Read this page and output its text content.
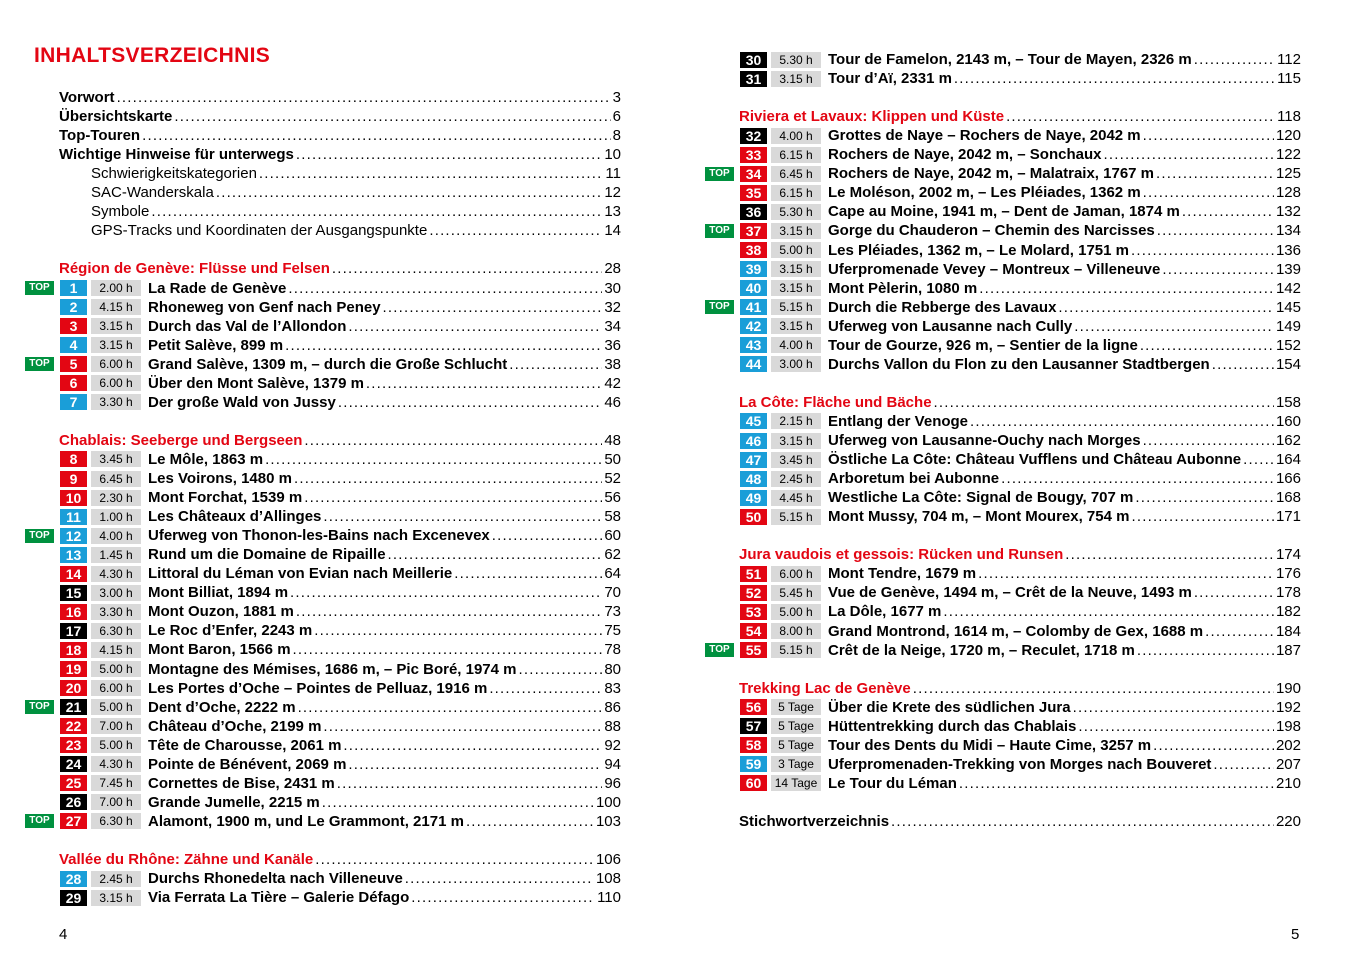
INHALTSVERZEICHNIS
Vorwort .....	3
Übersichtskarte .....	6
Top-Touren .....	8
Wichtige Hinweise für unterwegs .....	10
Schwierigkeitskategorien .....	11
SAC-Wanderskala .....	12
Symbole .....	13
GPS-Tracks und Koordinaten der Ausgangspunkte .....	14
Région de Genève: Flüsse und Felsen .....	28
TOP	1	2.00 h	La Rade de Genève .....	30
2	4.15 h	Rhoneweg von Genf nach Peney .....	32
3	3.15 h	Durch das Val de l’Allondon .....	34
4	3.15 h	Petit Salève, 899 m .....	36
TOP	5	6.00 h	Grand Salève, 1309 m, – durch die Große Schlucht .....	38
6	6.00 h	Über den Mont Salève, 1379 m .....	42
7	3.30 h	Der große Wald von Jussy .....	46
Chablais: Seeberge und Bergseen .....	48
8	3.45 h	Le Môle, 1863 m .....	50
9	6.45 h	Les Voirons, 1480 m .....	52
10	2.30 h	Mont Forchat, 1539 m .....	56
11	1.00 h	Les Châteaux d’Allinges .....	58
TOP	12	4.00 h	Uferweg von Thonon-les-Bains nach Excenevex .....	60
13	1.45 h	Rund um die Domaine de Ripaille .....	62
14	4.30 h	Littoral du Léman von Evian nach Meillerie .....	64
15	3.00 h	Mont Billiat, 1894 m .....	70
16	3.30 h	Mont Ouzon, 1881 m .....	73
17	6.30 h	Le Roc d’Enfer, 2243 m .....	75
18	4.15 h	Mont Baron, 1566 m .....	78
19	5.00 h	Montagne des Mémises, 1686 m, – Pic Boré, 1974 m .....	80
20	6.00 h	Les Portes d’Oche – Pointes de Pelluaz, 1916 m .....	83
TOP	21	5.00 h	Dent d’Oche, 2222 m .....	86
22	7.00 h	Château d’Oche, 2199 m .....	88
23	5.00 h	Tête de Charousse, 2061 m .....	92
24	4.30 h	Pointe de Bénévent, 2069 m .....	94
25	7.45 h	Cornettes de Bise, 2431 m .....	96
26	7.00 h	Grande Jumelle, 2215 m .....	100
TOP	27	6.30 h	Alamont, 1900 m, und Le Grammont, 2171 m .....	103
Vallée du Rhône: Zähne und Kanäle .....	106
28	2.45 h	Durchs Rhonedelta nach Villeneuve .....	108
29	3.15 h	Via Ferrata La Tière – Galerie Défago .....	110
30	5.30 h	Tour de Famelon, 2143 m, – Tour de Mayen, 2326 m .....	112
31	3.15 h	Tour d’Aï, 2331 m .....	115
Riviera et Lavaux: Klippen und Küste .....	118
32	4.00 h	Grottes de Naye – Rochers de Naye, 2042 m .....	120
33	6.15 h	Rochers de Naye, 2042 m, – Sonchaux .....	122
TOP	34	6.45 h	Rochers de Naye, 2042 m, – Malatraix, 1767 m .....	125
35	6.15 h	Le Moléson, 2002 m, – Les Pléiades, 1362 m .....	128
36	5.30 h	Cape au Moine, 1941 m, – Dent de Jaman, 1874 m .....	132
TOP	37	3.15 h	Gorge du Chauderon – Chemin des Narcisses .....	134
38	5.00 h	Les Pléiades, 1362 m, – Le Molard, 1751 m .....	136
39	3.15 h	Uferpromenade Vevey – Montreux – Villeneuve .....	139
40	3.15 h	Mont Pèlerin, 1080 m .....	142
TOP	41	5.15 h	Durch die Rebberge des Lavaux .....	145
42	3.15 h	Uferweg von Lausanne nach Cully .....	149
43	4.00 h	Tour de Gourze, 926 m, – Sentier de la ligne .....	152
44	3.00 h	Durchs Vallon du Flon zu den Lausanner Stadtbergen .....	154
La Côte: Fläche und Bäche .....	158
45	2.15 h	Entlang der Venoge .....	160
46	3.15 h	Uferweg von Lausanne-Ouchy nach Morges .....	162
47	3.45 h	Östliche La Côte: Château Vufflens und Château Aubonne ..... 164
48	2.45 h	Arboretum bei Aubonne .....	166
49	4.45 h	Westliche La Côte: Signal de Bougy, 707 m .....	168
50	5.15 h	Mont Mussy, 704 m, – Mont Mourex, 754 m .....	171
Jura vaudois et gessois: Rücken und Runsen .....	174
51	6.00 h	Mont Tendre, 1679 m .....	176
52	5.45 h	Vue de Genève, 1494 m, – Crêt de la Neuve, 1493 m .....	178
53	5.00 h	La Dôle, 1677 m .....	182
54	8.00 h	Grand Montrond, 1614 m, – Colomby de Gex, 1688 m .....	184
TOP	55	5.15 h	Crêt de la Neige, 1720 m, – Reculet, 1718 m .....	187
Trekking Lac de Genève .....	190
56	5 Tage Über die Krete des südlichen Jura .....	192
57	5 Tage Hüttentrekking durch das Chablais .....	198
58	5 Tage Tour des Dents du Midi – Haute Cime, 3257 m .....	202
59	3 Tage Uferpromenaden-Trekking von Morges nach Bouveret .....	207
60	14 Tage Le Tour du Léman .....	210
Stichwortverzeichnis .....	220
4	5
